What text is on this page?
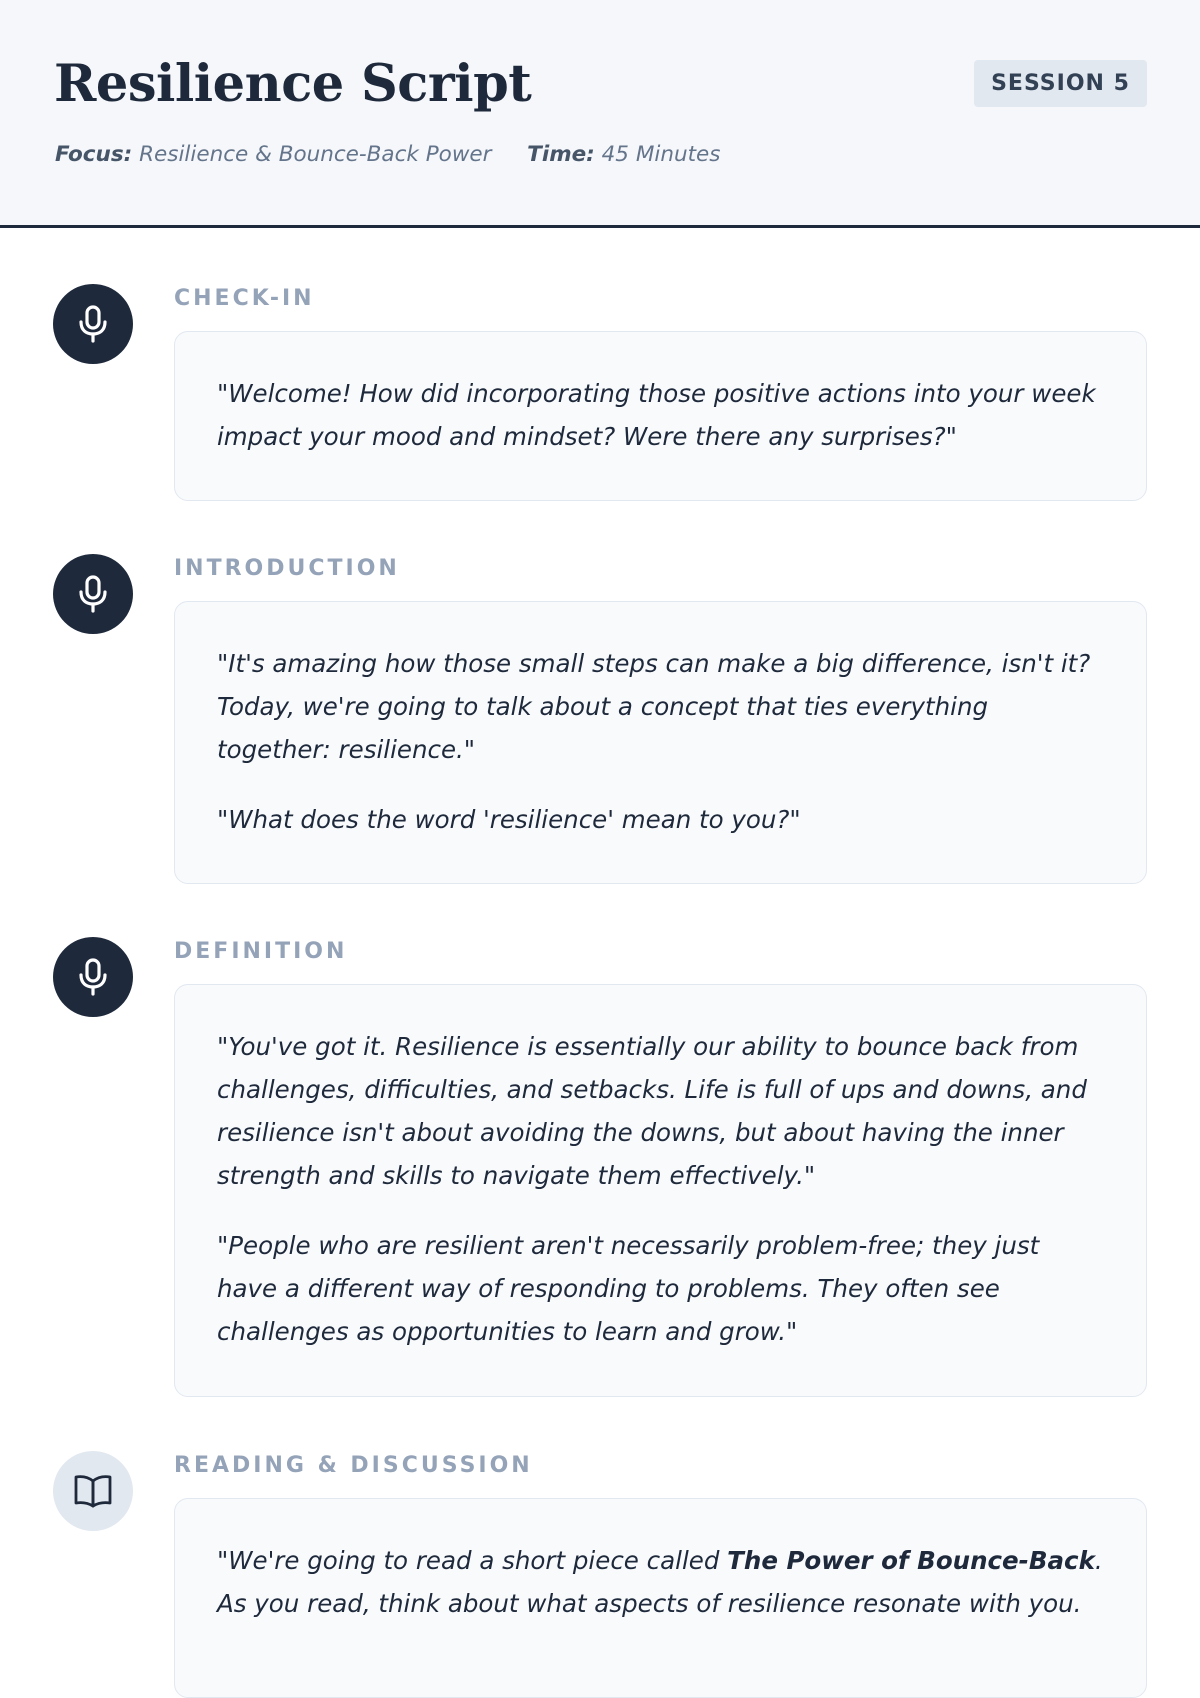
Resilience Script	SESSION 5
Focus: Resilience & Bounce-Back Power Time: 45 Minutes
CHECK-IN

"Welcome! How did incorporating those positive actions into your week impact your mood and mindset? Were there any surprises?"

INTRODUCTION

"It's amazing how those small steps can make a big difference, isn't it? Today, we're going to talk about a concept that ties everything together: resilience."

"What does the word 'resilience' mean to you?"

DEFINITION

"You've got it. Resilience is essentially our ability to bounce back from challenges, difficulties, and setbacks. Life is full of ups and downs, and resilience isn't about avoiding the downs, but about having the inner strength and skills to navigate them effectively."

"People who are resilient aren't necessarily problem-free; they just have a different way of responding to problems. They often see challenges as opportunities to learn and grow."

READING & DISCUSSION

"We're going to read a short piece called The Power of Bounce-Back. As you read, think about what aspects of resilience resonate with you.
